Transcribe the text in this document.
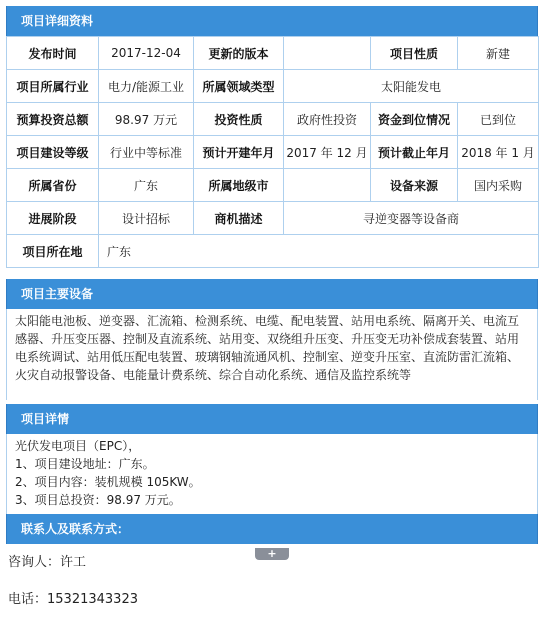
项目详细资料
发布时间	2017-12-04	更新的版本		项目性质	新建
项目所属行业	电力/能源工业	所属领域类型	太阳能发电		
预算投资总额	98.97 万元	投资性质	政府性投资	资金到位情况	已到位
项目建设等级	行业中等标准	预计开建年月	2017 年 12 月	预计截止年月	2018 年 1 月
所属省份	广东	所属地级市		设备来源	国内采购
进展阶段	设计招标	商机描述	寻逆变器等设备商		
项目所在地	广东				
项目主要设备
太阳能电池板、逆变器、汇流箱、检测系统、电缆、配电装置、站用电系统、隔离开关、电流互感器、升压变压器、控制及直流系统、站用变、双绕组升压变、升压变无功补偿成套装置、站用电系统调试、站用低压配电装置、玻璃钢轴流通风机、控制室、逆变升压室、直流防雷汇流箱、火灾自动报警设备、电能量计费系统、综合自动化系统、通信及监控系统等
项目详情
光伏发电项目（EPC），
1、项目建设地址：广东。
2、项目内容：装机规模 105KW。
3、项目总投资：98.97 万元。
联系人及联系方式：
+
咨询人：许工
电话：15321343323
